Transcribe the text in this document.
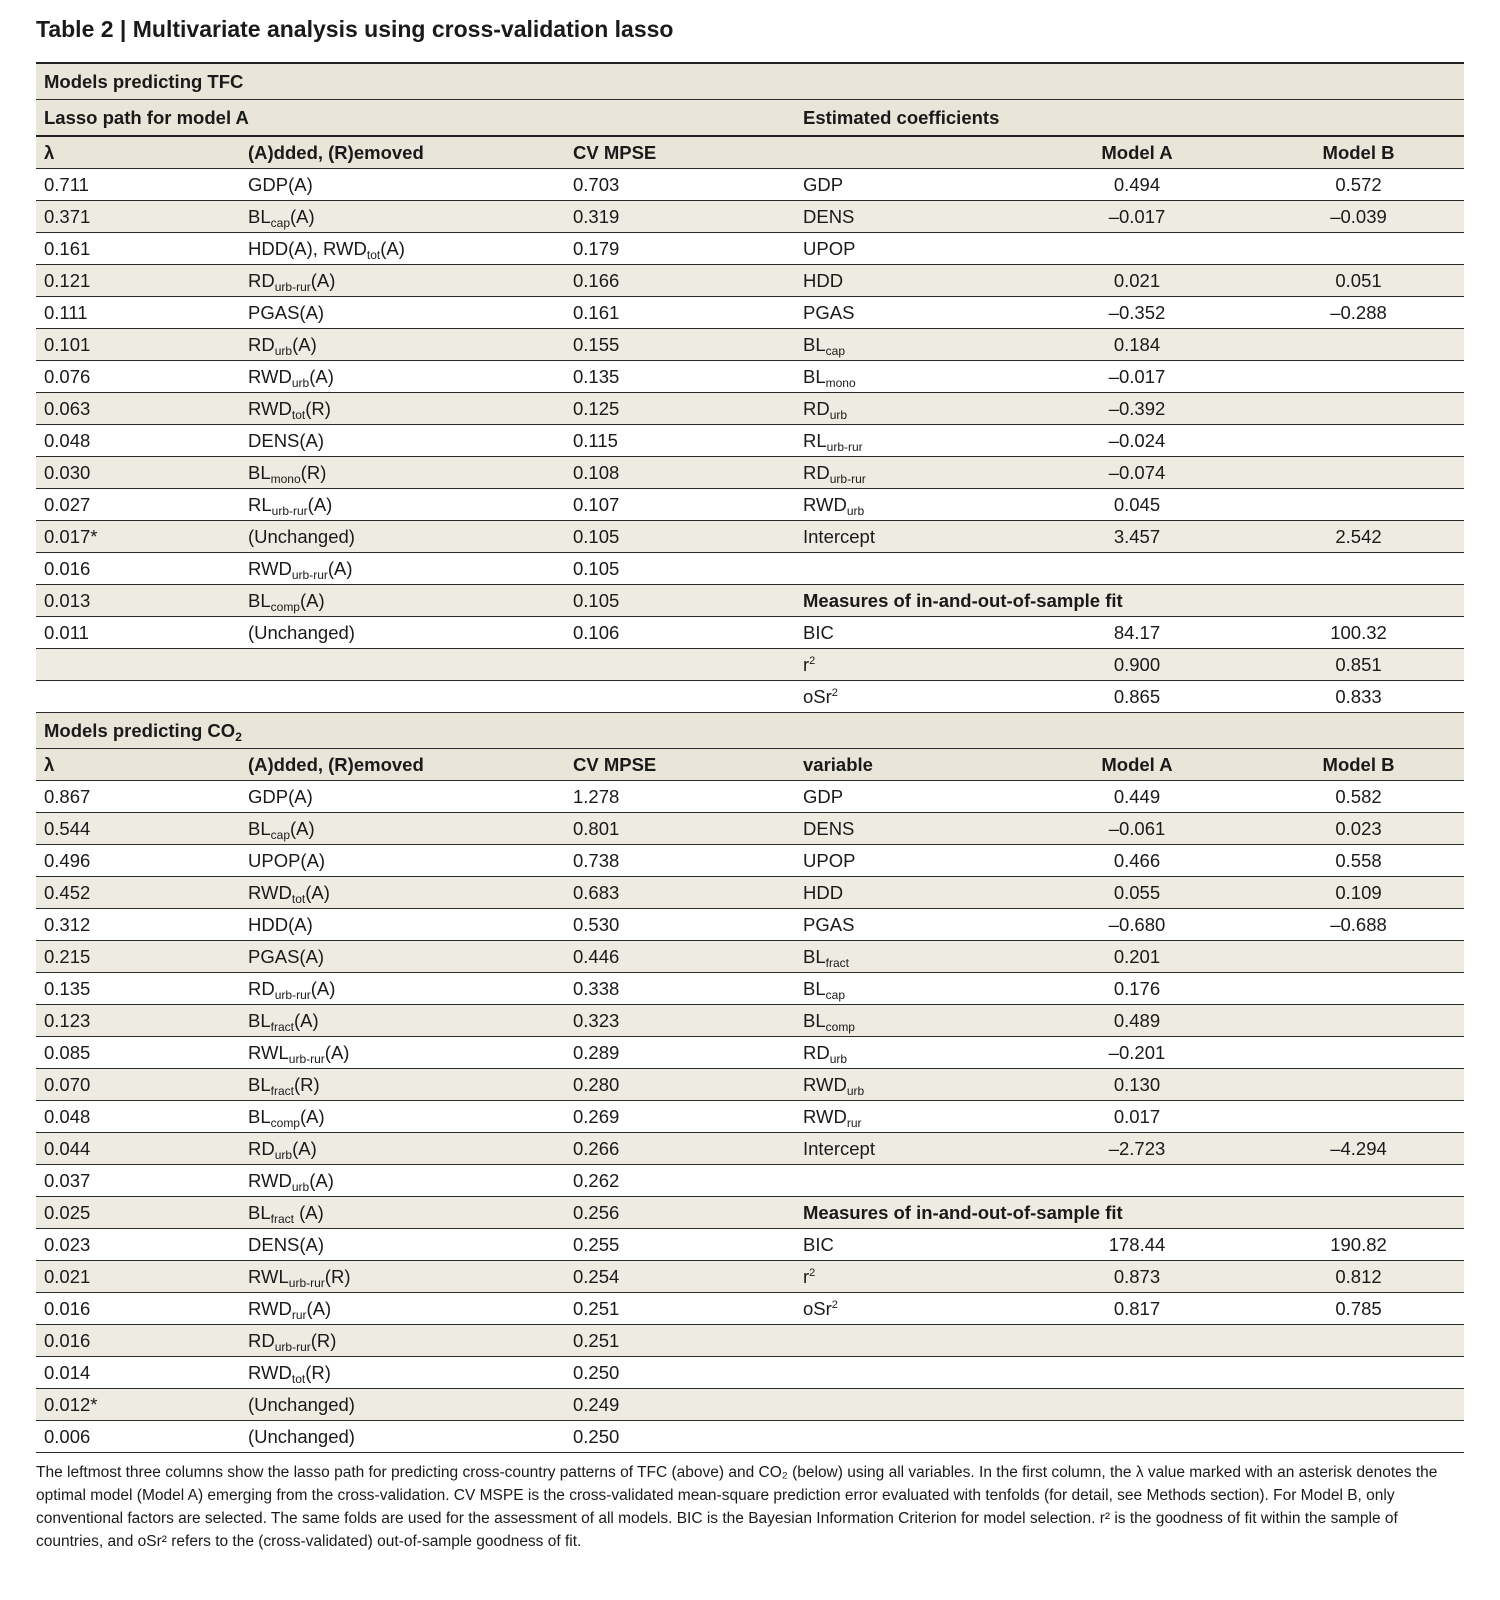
Table 2 | Multivariate analysis using cross-validation lasso
Models predicting TFC					
Lasso path for model A			Estimated coefficients		
λ	(A)dded, (R)emoved	CV MPSE		Model A	Model B
0.711	GDP(A)	0.703	GDP	0.494	0.572
0.371	$BL_{cap}(A)$	0.319	DENS	–0.017	–0.039
0.161	HDD(A), $RWD_{tot}(A)$	0.179	UPOP		
0.121	$RD_{urb-rur}(A)$	0.166	HDD	0.021	0.051
0.111	PGAS(A)	0.161	PGAS	–0.352	–0.288
0.101	$RD_{urb}(A)$	0.155	$BL_{cap}$	0.184	
0.076	$RWD_{urb}(A)$	0.135	$BL_{mono}$	–0.017	
0.063	$RWD_{tot}(R)$	0.125	$RD_{urb}$	–0.392	
0.048	DENS(A)	0.115	$RL_{urb-rur}$	–0.024	
0.030	$BL_{mono}(R)$	0.108	$RD_{urb-rur}$	–0.074	
0.027	$RL_{urb-rur}(A)$	0.107	$RWD_{urb}$	0.045	
0.017*	(Unchanged)	0.105	Intercept	3.457	2.542
0.016	$RWD_{urb-rur}(A)$	0.105			
0.013	$BL_{comp}(A)$	0.105	Measures of in-and-out-of-sample fit		
0.011	(Unchanged)	0.106	BIC	84.17	100.32
			$r^2$	0.900	0.851
			oSr$^2$	0.865	0.833
Models predicting $CO_2$
λ	(A)dded, (R)emoved	CV MPSE	variable	Model A	Model B
0.867	GDP(A)	1.278	GDP	0.449	0.582
0.544	$BL_{cap}(A)$	0.801	DENS	–0.061	0.023
0.496	UPOP(A)	0.738	UPOP	0.466	0.558
0.452	$RWD_{tot}(A)$	0.683	HDD	0.055	0.109
0.312	HDD(A)	0.530	PGAS	–0.680	–0.688
0.215	PGAS(A)	0.446	$BL_{fract}$	0.201	
0.135	$RD_{urb-rur}(A)$	0.338	$BL_{cap}$	0.176	
0.123	$BL_{fract}(A)$	0.323	$BL_{comp}$	0.489	
0.085	$RWL_{urb-rur}(A)$	0.289	$RD_{urb}$	–0.201	
0.070	$BL_{fract}(R)$	0.280	$RWD_{urb}$	0.130	
0.048	$BL_{comp}(A)$	0.269	$RWD_{rur}$	0.017	
0.044	$RD_{urb}(A)$	0.266	Intercept	–2.723	–4.294
0.037	$RWD_{urb}(A)$	0.262			
0.025	$BL_{fract}$ (A)	0.256	Measures of in-and-out-of-sample fit		
0.023	DENS(A)	0.255	BIC	178.44	190.82
0.021	$RWL_{urb-rur}(R)$	0.254	$r^2$	0.873	0.812
0.016	$RWD_{rur}(A)$	0.251	oSr$^2$	0.817	0.785
0.016	$RD_{urb-rur}(R)$	0.251			
0.014	$RWD_{tot}(R)$	0.250			
0.012*	(Unchanged)	0.249			
0.006	(Unchanged)	0.250			
The leftmost three columns show the lasso path for predicting cross-country patterns of TFC (above) and CO₂ (below) using all variables. In the first column, the λ value marked with an asterisk denotes the optimal model (Model A) emerging from the cross-validation. CV MSPE is the cross-validated mean-square prediction error evaluated with tenfolds (for detail, see Methods section). For Model B, only conventional factors are selected. The same folds are used for the assessment of all models. BIC is the Bayesian Information Criterion for model selection. r² is the goodness of fit within the sample of countries, and oSr² refers to the (cross-validated) out-of-sample goodness of fit.
